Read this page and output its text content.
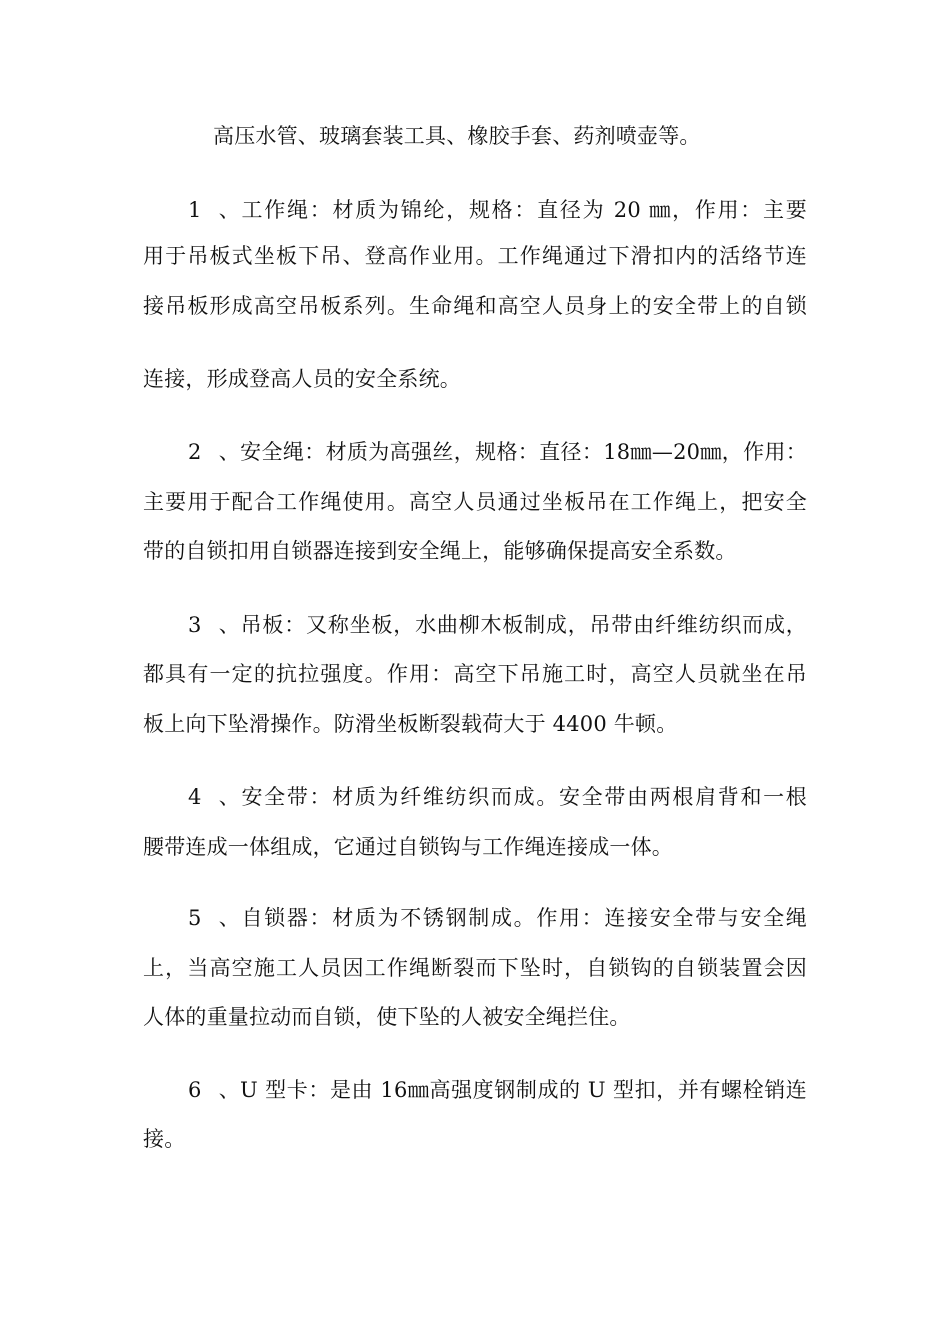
高压水管、玻璃套装工具、橡胶手套、药剂喷壶等。
1、工作绳：材质为锦纶，规格：直径为 20 ㎜，作用：主要
用于吊板式坐板下吊、登高作业用。工作绳通过下滑扣内的活络节连
接吊板形成高空吊板系列。生命绳和高空人员身上的安全带上的自锁
连接，形成登高人员的安全系统。
2、安全绳：材质为高强丝，规格：直径：18㎜—20㎜，作用：
主要用于配合工作绳使用。高空人员通过坐板吊在工作绳上，把安全
带的自锁扣用自锁器连接到安全绳上，能够确保提高安全系数。
3、吊板：又称坐板，水曲柳木板制成，吊带由纤维纺织而成，
都具有一定的抗拉强度。作用：高空下吊施工时，高空人员就坐在吊
板上向下坠滑操作。防滑坐板断裂载荷大于 4400 牛顿。
4、安全带：材质为纤维纺织而成。安全带由两根肩背和一根
腰带连成一体组成，它通过自锁钩与工作绳连接成一体。
5、自锁器：材质为不锈钢制成。作用：连接安全带与安全绳
上，当高空施工人员因工作绳断裂而下坠时，自锁钩的自锁装置会因
人体的重量拉动而自锁，使下坠的人被安全绳拦住。
6、U 型卡：是由 16㎜高强度钢制成的 U 型扣，并有螺栓销连
接。
